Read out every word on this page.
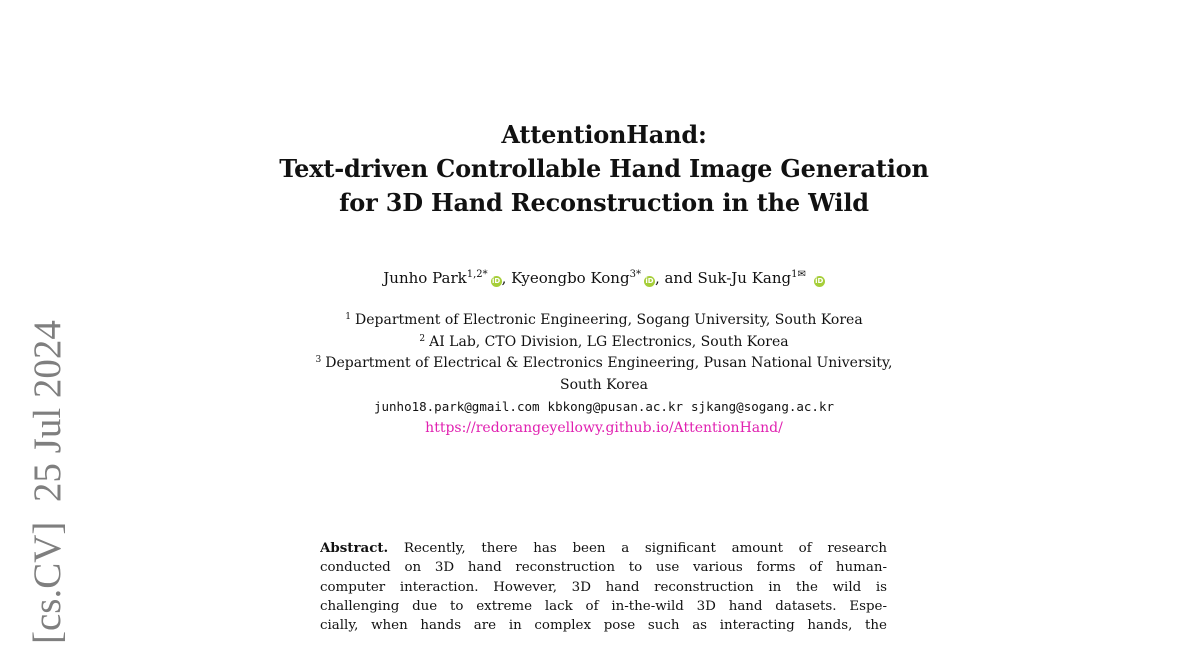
[cs.CV]  25 Jul 2024
AttentionHand:
Text-driven Controllable Hand Image Generation
for 3D Hand Reconstruction in the Wild
Junho Park$^{1,2*}$iD, Kyeongbo Kong$^{3*}$iD, and Suk-Ju Kang$^{1✉}$ iD
$^1$ Department of Electronic Engineering, Sogang University, South Korea
$^2$ AI Lab, CTO Division, LG Electronics, South Korea
$^3$ Department of Electrical & Electronics Engineering, Pusan National University,
South Korea
junho18.park@gmail.com kbkong@pusan.ac.kr sjkang@sogang.ac.kr
https://redorangeyellowy.github.io/AttentionHand/
Abstract. Recently, there has been a significant amount of research
conducted on 3D hand reconstruction to use various forms of human-
computer interaction. However, 3D hand reconstruction in the wild is
challenging due to extreme lack of in-the-wild 3D hand datasets. Espe-
cially, when hands are in complex pose such as interacting hands, the
